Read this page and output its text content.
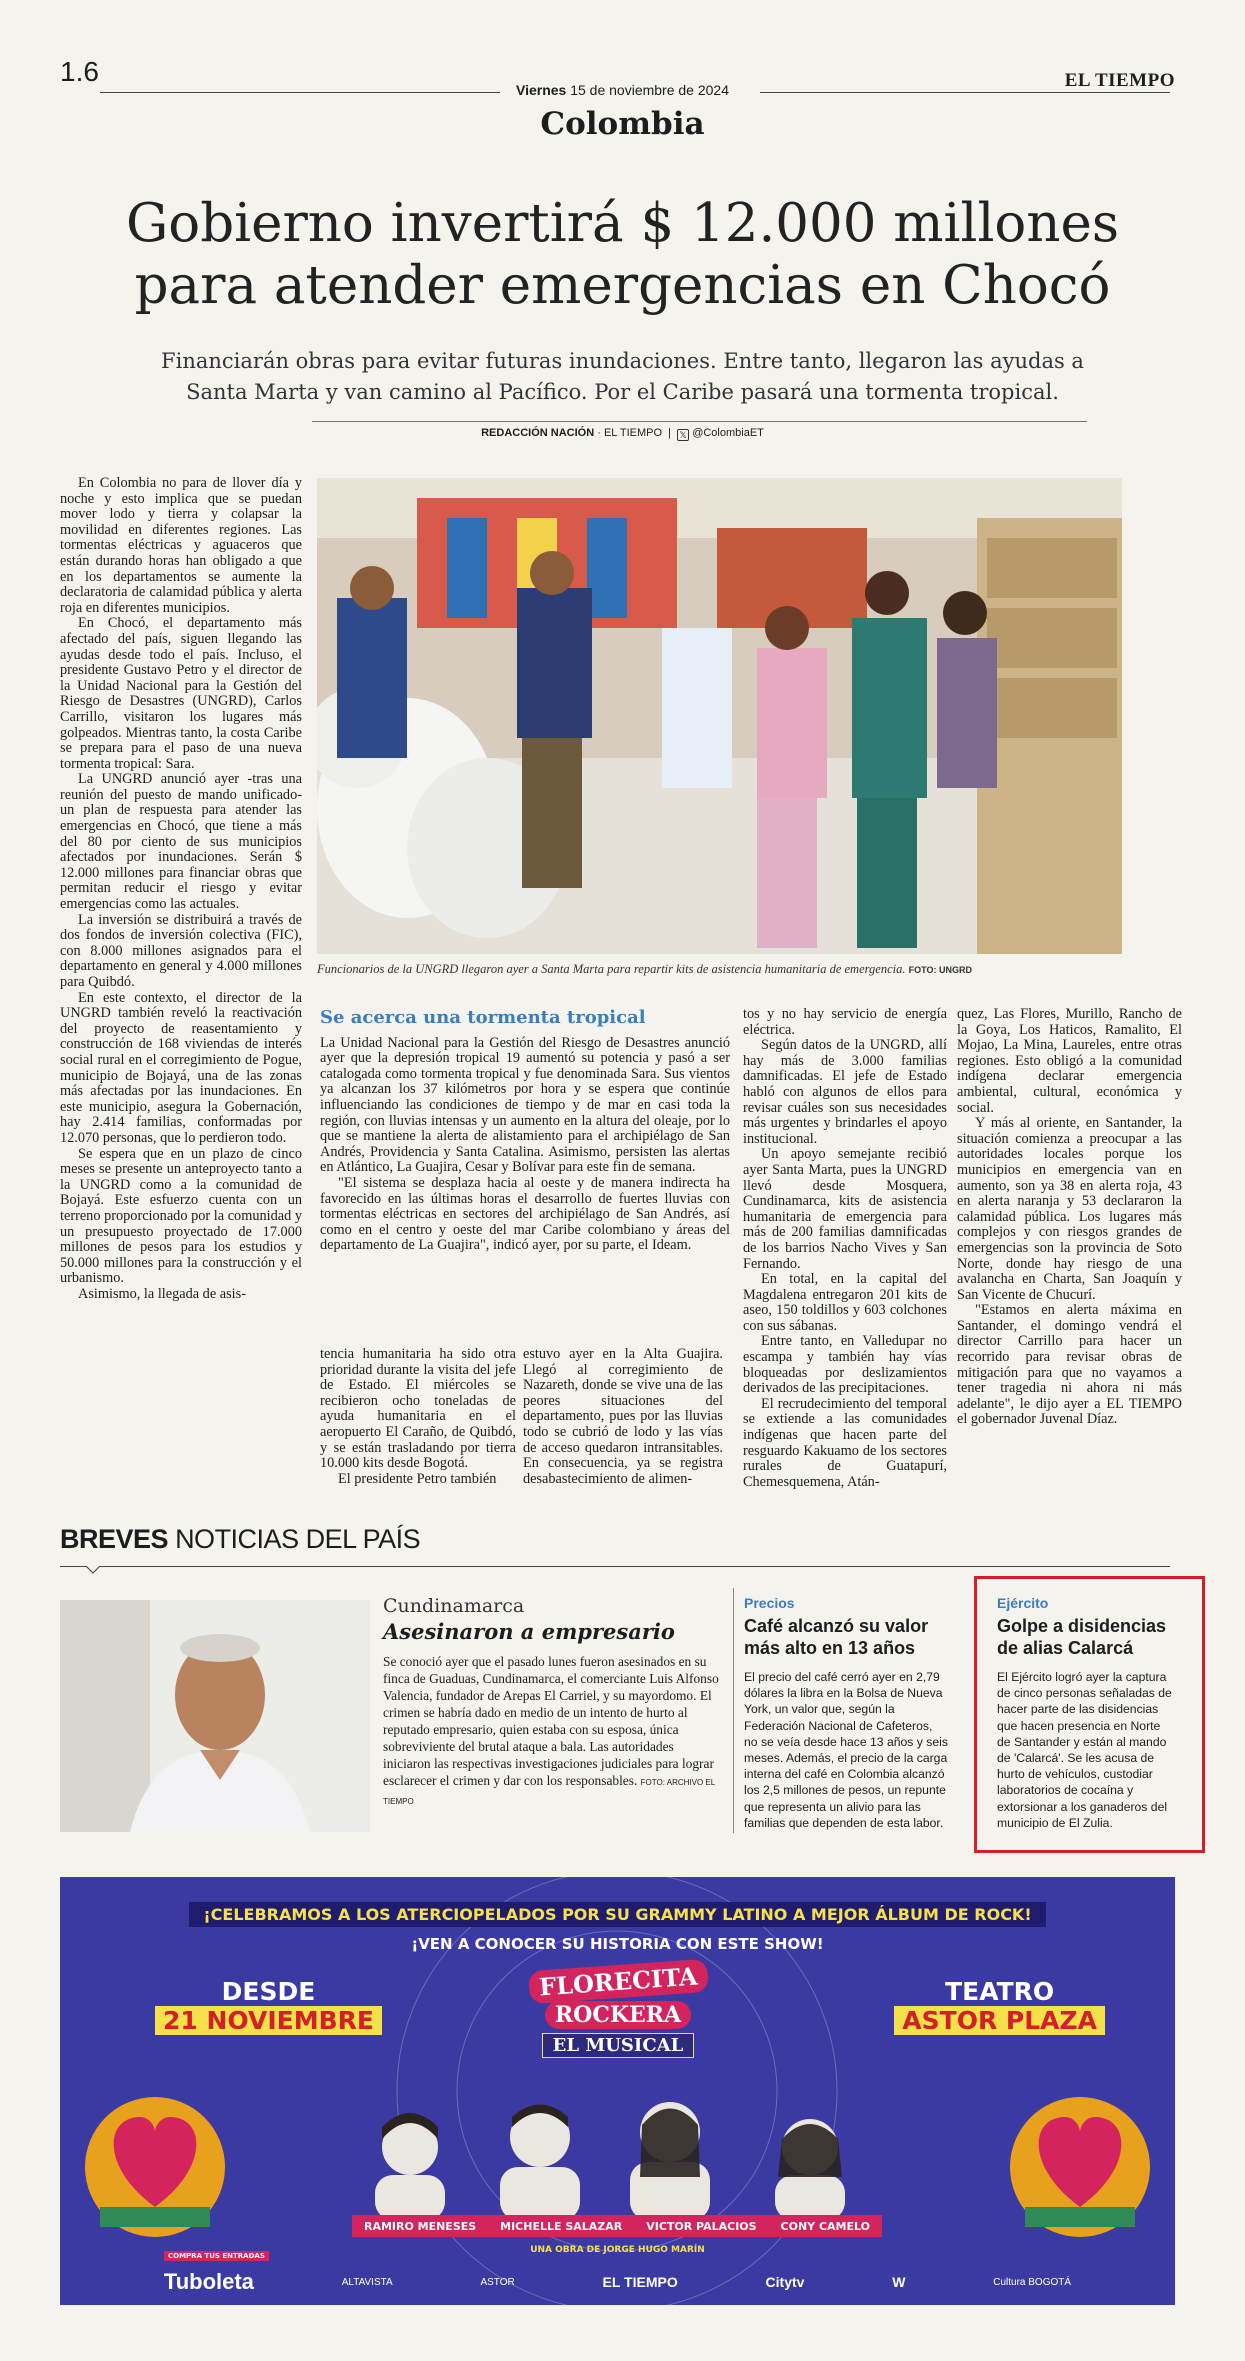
1.6
Viernes 15 de noviembre de 2024	EL TIEMPO
Colombia
Gobierno invertirá $ 12.000 millones para atender emergencias en Chocó
Financiarán obras para evitar futuras inundaciones. Entre tanto, llegaron las ayudas a Santa Marta y van camino al Pacífico. Por el Caribe pasará una tormenta tropical.
REDACCIÓN NACIÓN · EL TIEMPO  |  𝕏 @ColombiaET

En Colombia no para de llover día y noche y esto implica que se puedan mover lodo y tierra y colapsar la movilidad en diferentes regiones. Las tormentas eléctricas y aguaceros que están durando horas han obligado a que en los departamentos se aumente la declaratoria de calamidad pública y alerta roja en diferentes municipios.

En Chocó, el departamento más afectado del país, siguen llegando las ayudas desde todo el país. Incluso, el presidente Gustavo Petro y el director de la Unidad Nacional para la Gestión del Riesgo de Desastres (UNGRD), Carlos Carrillo, visitaron los lugares más golpeados. Mientras tanto, la costa Caribe se prepara para el paso de una nueva tormenta tropical: Sara.

La UNGRD anunció ayer -tras una reunión del puesto de mando unificado- un plan de respuesta para atender las emergencias en Chocó, que tiene a más del 80 por ciento de sus municipios afectados por inundaciones. Serán $ 12.000 millones para financiar obras que permitan reducir el riesgo y evitar emergencias como las actuales.

La inversión se distribuirá a través de dos fondos de inversión colectiva (FIC), con 8.000 millones asignados para el departamento en general y 4.000 millones para Quibdó.

En este contexto, el director de la UNGRD también reveló la reactivación del proyecto de reasentamiento y construcción de 168 viviendas de interés social rural en el corregimiento de Pogue, municipio de Bojayá, una de las zonas más afectadas por las inundaciones. En este municipio, asegura la Gobernación, hay 2.414 familias, conformadas por 12.070 personas, que lo perdieron todo.

Se espera que en un plazo de cinco meses se presente un anteproyecto tanto a la UNGRD como a la comunidad de Bojayá. Este esfuerzo cuenta con un terreno proporcionado por la comunidad y un presupuesto proyectado de 17.000 millones de pesos para los estudios y 50.000 millones para la construcción y el urbanismo.

Asimismo, la llegada de asis-

Funcionarios de la UNGRD llegaron ayer a Santa Marta para repartir kits de asistencia humanitaria de emergencia. FOTO: UNGRD
Se acerca una tormenta tropical

La Unidad Nacional para la Gestión del Riesgo de Desastres anunció ayer que la depresión tropical 19 aumentó su potencia y pasó a ser catalogada como tormenta tropical y fue denominada Sara. Sus vientos ya alcanzan los 37 kilómetros por hora y se espera que continúe influenciando las condiciones de tiempo y de mar en casi toda la región, con lluvias intensas y un aumento en la altura del oleaje, por lo que se mantiene la alerta de alistamiento para el archipiélago de San Andrés, Providencia y Santa Catalina. Asimismo, persisten las alertas en Atlántico, La Guajira, Cesar y Bolívar para este fin de semana.

"El sistema se desplaza hacia al oeste y de manera indirecta ha favorecido en las últimas horas el desarrollo de fuertes lluvias con tormentas eléctricas en sectores del archipiélago de San Andrés, así como en el centro y oeste del mar Caribe colombiano y áreas del departamento de La Guajira", indicó ayer, por su parte, el Ideam.

tencia humanitaria ha sido otra prioridad durante la visita del jefe de Estado. El miércoles se recibieron ocho toneladas de ayuda humanitaria en el aeropuerto El Caraño, de Quibdó, y se están trasladando por tierra 10.000 kits desde Bogotá.

El presidente Petro también

estuvo ayer en la Alta Guajira. Llegó al corregimiento de Nazareth, donde se vive una de las peores situaciones del departamento, pues por las lluvias todo se cubrió de lodo y las vías de acceso quedaron intransitables. En consecuencia, ya se registra desabastecimiento de alimen-

tos y no hay servicio de energía eléctrica.

Según datos de la UNGRD, allí hay más de 3.000 familias damnificadas. El jefe de Estado habló con algunos de ellos para revisar cuáles son sus necesidades más urgentes y brindarles el apoyo institucional.

Un apoyo semejante recibió ayer Santa Marta, pues la UNGRD llevó desde Mosquera, Cundinamarca, kits de asistencia humanitaria de emergencia para más de 200 familias damnificadas de los barrios Nacho Vives y San Fernando.

En total, en la capital del Magdalena entregaron 201 kits de aseo, 150 toldillos y 603 colchones con sus sábanas.

Entre tanto, en Valledupar no escampa y también hay vías bloqueadas por deslizamientos derivados de las precipitaciones.

El recrudecimiento del temporal se extiende a las comunidades indígenas que hacen parte del resguardo Kakuamo de los sectores rurales de Guatapurí, Chemesquemena, Atán-

quez, Las Flores, Murillo, Rancho de la Goya, Los Haticos, Ramalito, El Mojao, La Mina, Laureles, entre otras regiones. Esto obligó a la comunidad indígena declarar emergencia ambiental, cultural, económica y social.

Y más al oriente, en Santander, la situación comienza a preocupar a las autoridades locales porque los municipios en emergencia van en aumento, son ya 38 en alerta roja, 43 en alerta naranja y 53 declararon la calamidad pública. Los lugares más complejos y con riesgos grandes de emergencias son la provincia de Soto Norte, donde hay riesgo de una avalancha en Charta, San Joaquín y San Vicente de Chucurí.

"Estamos en alerta máxima en Santander, el domingo vendrá el director Carrillo para hacer un recorrido para revisar obras de mitigación para que no vayamos a tener tragedia ni ahora ni más adelante", le dijo ayer a EL TIEMPO el gobernador Juvenal Díaz.

BREVES NOTICIAS DEL PAÍS
Cundinamarca
Asesinaron a empresario

Se conoció ayer que el pasado lunes fueron asesinados en su finca de Guaduas, Cundinamarca, el comerciante Luis Alfonso Valencia, fundador de Arepas El Carriel, y su mayordomo. El crimen se habría dado en medio de un intento de hurto al reputado empresario, quien estaba con su esposa, única sobreviviente del brutal ataque a bala. Las autoridades iniciaron las respectivas investigaciones judiciales para lograr esclarecer el crimen y dar con los responsables. FOTO: ARCHIVO EL TIEMPO

Precios
Café alcanzó su valor más alto en 13 años

El precio del café cerró ayer en 2,79 dólares la libra en la Bolsa de Nueva York, un valor que, según la Federación Nacional de Cafeteros, no se veía desde hace 13 años y seis meses. Además, el precio de la carga interna del café en Colombia alcanzó los 2,5 millones de pesos, un repunte que representa un alivio para las familias que dependen de esta labor.

Ejército
Golpe a disidencias de alias Calarcá

El Ejército logró ayer la captura de cinco personas señaladas de hacer parte de las disidencias que hacen presencia en Norte de Santander y están al mando de 'Calarcá'. Se les acusa de hurto de vehículos, custodiar laboratorios de cocaína y extorsionar a los ganaderos del municipio de El Zulia.

¡CELEBRAMOS A LOS ATERCIOPELADOS POR SU GRAMMY LATINO A MEJOR ÁLBUM DE ROCK!
¡VEN A CONOCER SU HISTORIA CON ESTE SHOW!
DESDE
21 NOVIEMBRE
FLORECITA
ROCKERA
EL MUSICAL
TEATRO
ASTOR PLAZA
RAMIRO MENESES MICHELLE SALAZAR VICTOR PALACIOS CONY CAMELO
UNA OBRA DE JORGE HUGO MARÍN
COMPRA TUS ENTRADAS
Tuboleta	ALTAVISTA	ASTOR	EL TIEMPO	Citytv	W	Cultura BOGOTÁ
